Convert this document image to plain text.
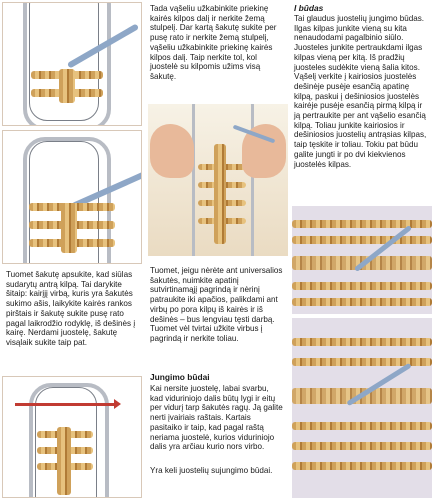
Tuomet šakutę apsukite, kad siūlas sudarytų antrą kilpą. Tai darykite šitaip: kairįjį virbą, kuris yra šakutės sukimo ašis, laikykite kairės rankos pirštais ir šakutę sukite pusę rato pagal laikrodžio rodyklę, iš dešinės į kairę. Nerdami juostelę, šakutę visąlaik sukite taip pat.

Tada vąšeliu užkabinkite priekinę kairės kilpos dalį ir nerkite žemą stulpelį. Dar kartą šakutę sukite per pusę rato ir nerkite žemą stulpelį, vąšeliu užkabinkite priekinę kairės kilpos dalį. Taip nerkite tol, kol juostelė su kilpomis užims visą šakutę.

Tuomet, jeigu nėrėte ant universalios šakutės, nuimkite apatinį sutvirtinamąjį pagrindą ir nėrinį patraukite iki apačios, palikdami ant virbų po pora kilpų iš kairės ir iš dešinės – bus lengviau tęsti darbą. Tuomet vėl tvirtai užkite virbus į pagrindą ir nerkite toliau.

Jungimo būdai

Kai nersite juostelę, labai svarbu, kad viduriniojo dalis būtų lygi ir eitų per vidurį tarp šakutės ragų. Ją galite nerti įvairiais raštais. Kartais pasitaiko ir taip, kad pagal raštą neriama juostelė, kurios viduriniojo dalis yra arčiau kurio nors virbo.

Yra keli juostelių sujungimo būdai.

I būdas

Tai glaudus juostelių jungimo būdas. Ilgas kilpas junkite vieną su kita nenaudodami pagalbinio siūlo. Juosteles junkite pertraukdami ilgas kilpas vieną per kitą. Iš pradžių juosteles sudėkite vieną šalia kitos. Vąšelį verkite į kairiosios juostelės dešinėje pusėje esančią apatinę kilpą, paskui į dešiniosios juostelės kairėje pusėje esančią pirmą kilpą ir ją pertraukite per ant vąšelio esančią kilpą. Toliau junkite kairiosios ir dešiniosios juostelių antrąsias kilpas, taip tęskite ir toliau. Tokiu pat būdu galite jungti ir po dvi kiekvienos juostelės kilpas.
